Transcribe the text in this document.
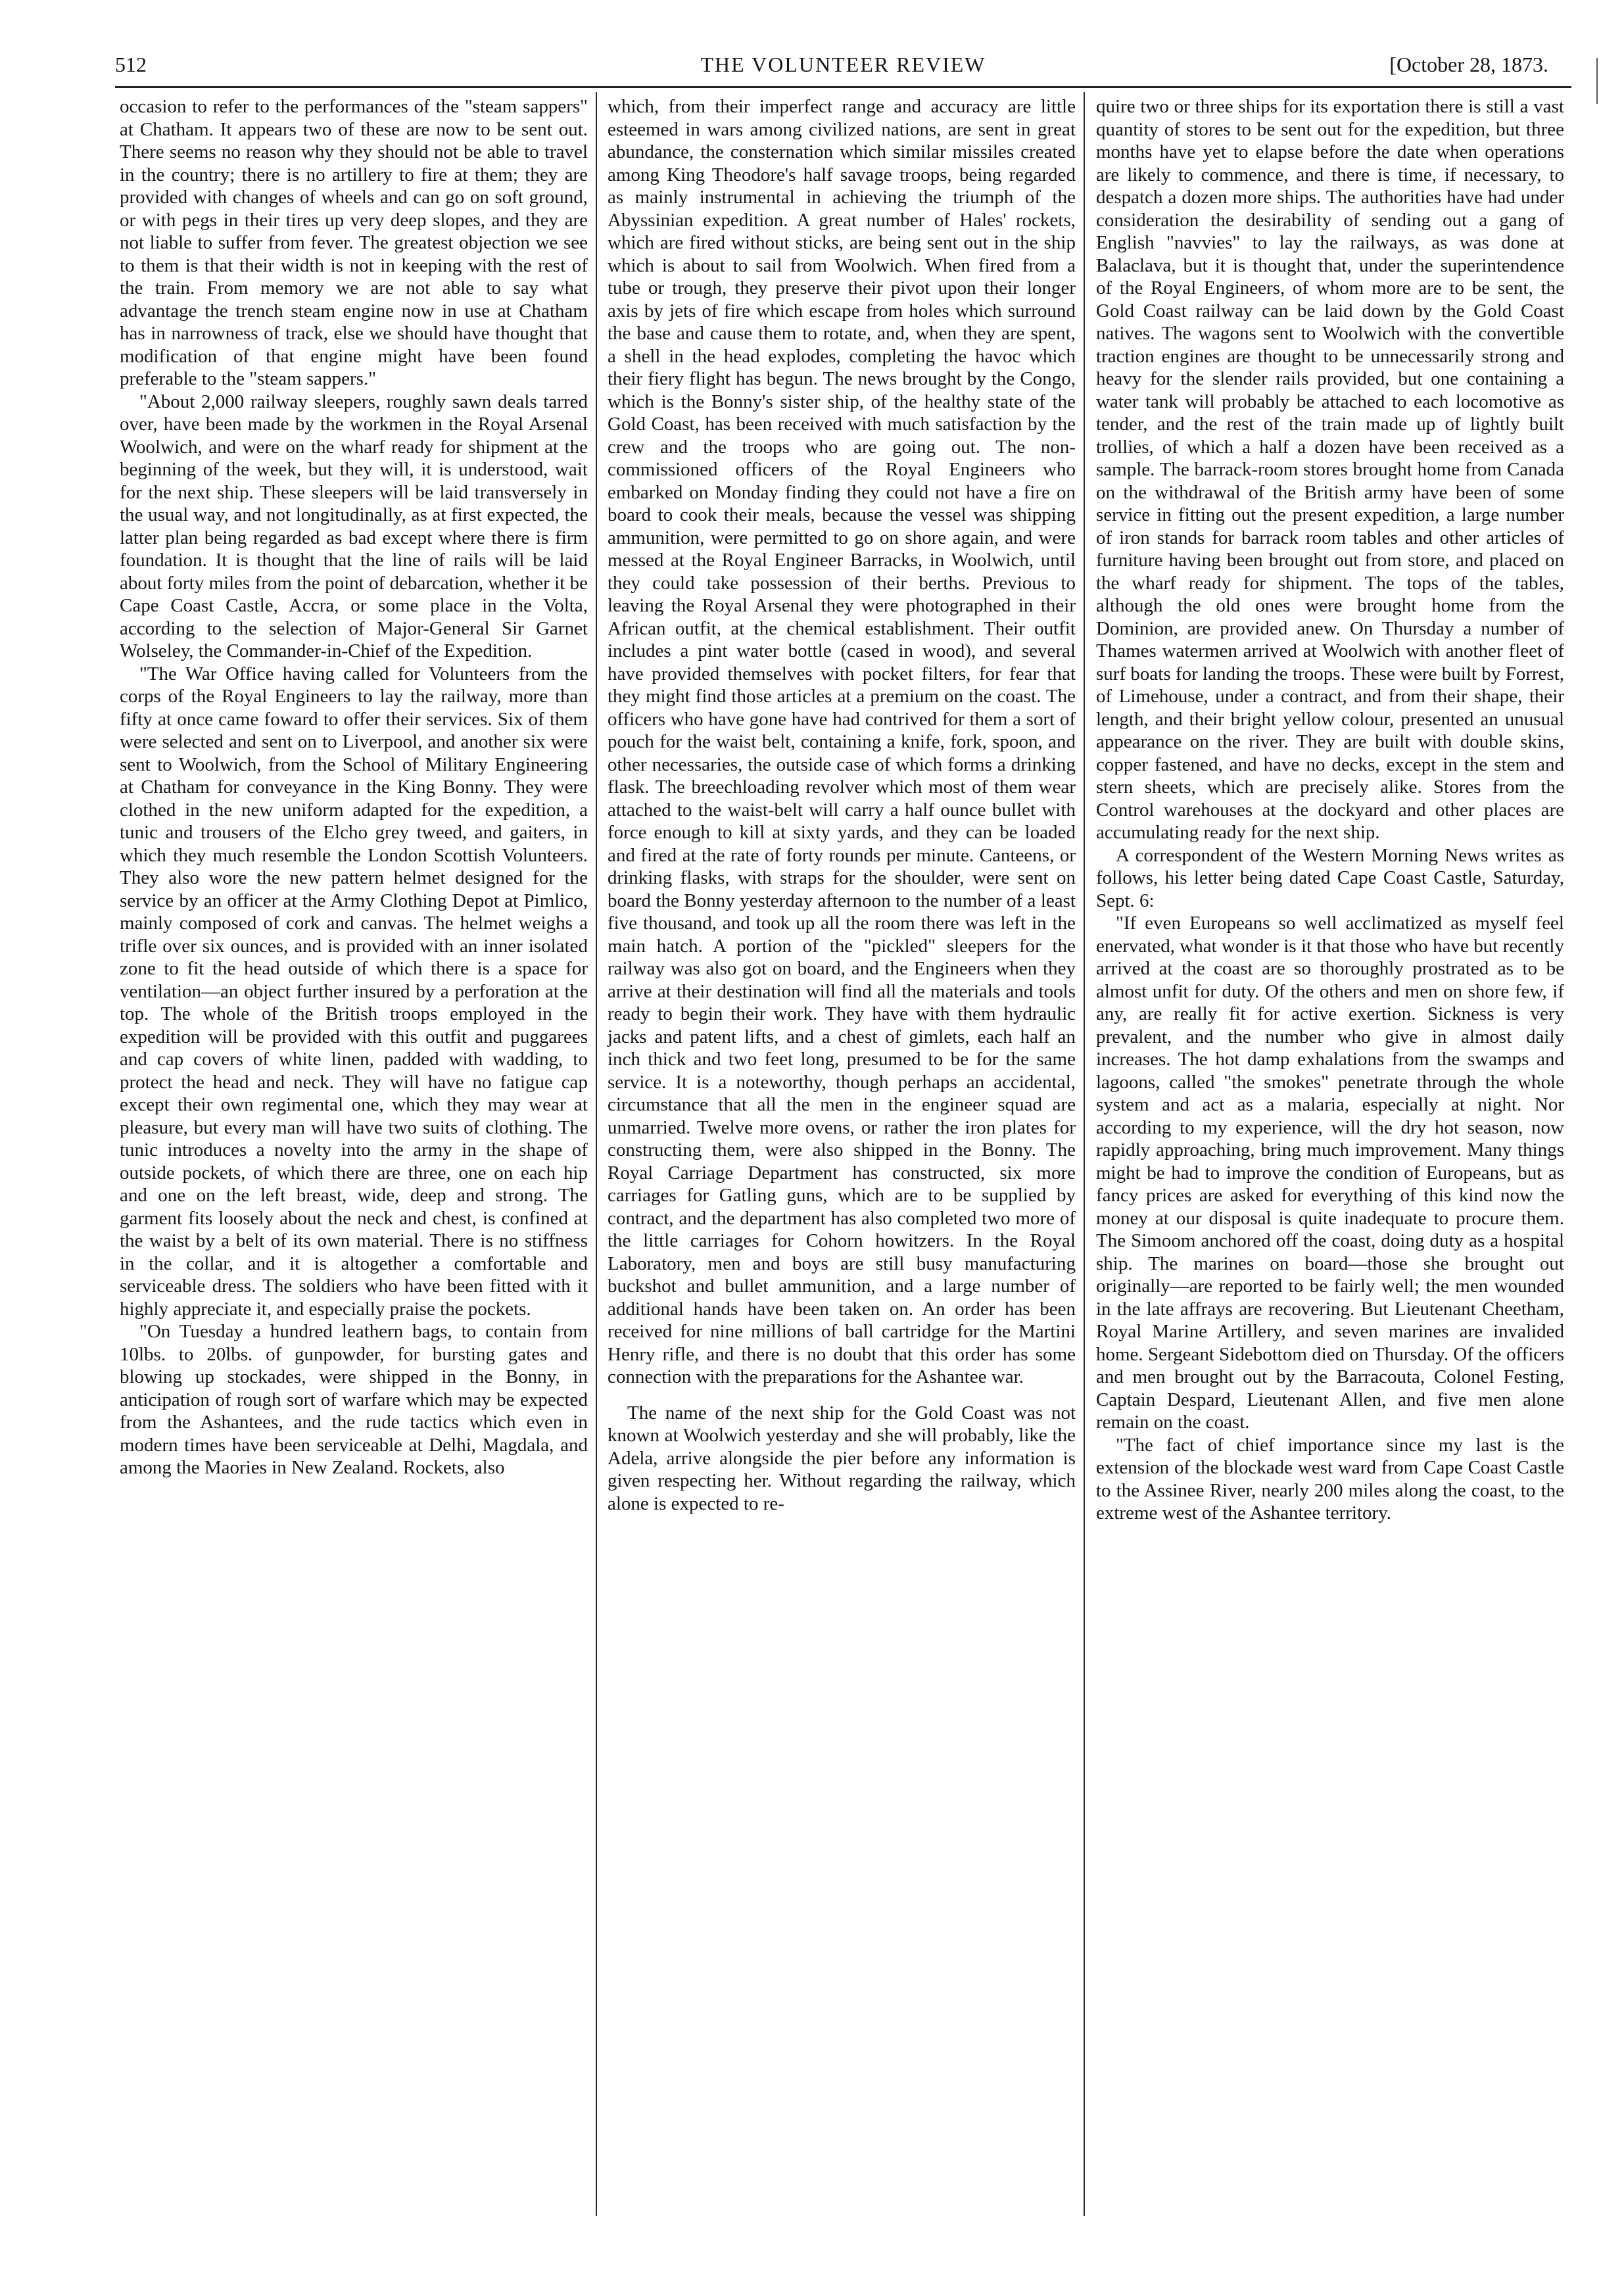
512	THE VOLUNTEER REVIEW	[October 28, 1873.

occasion to refer to the performances of the "steam sappers" at Chatham. It appears two of these are now to be sent out. There seems no reason why they should not be able to travel in the country; there is no artillery to fire at them; they are provided with changes of wheels and can go on soft ground, or with pegs in their tires up very deep slopes, and they are not liable to suffer from fever. The greatest objection we see to them is that their width is not in keeping with the rest of the train. From memory we are not able to say what advantage the trench steam engine now in use at Chatham has in narrowness of track, else we should have thought that modification of that engine might have been found preferable to the "steam sappers."

"About 2,000 railway sleepers, roughly sawn deals tarred over, have been made by the workmen in the Royal Arsenal Woolwich, and were on the wharf ready for shipment at the beginning of the week, but they will, it is understood, wait for the next ship. These sleepers will be laid transversely in the usual way, and not longitudinally, as at first expected, the latter plan being regarded as bad except where there is firm foundation. It is thought that the line of rails will be laid about forty miles from the point of debarcation, whether it be Cape Coast Castle, Accra, or some place in the Volta, according to the selection of Major-General Sir Garnet Wolseley, the Commander-in-Chief of the Expedition.

"The War Office having called for Volunteers from the corps of the Royal Engineers to lay the railway, more than fifty at once came foward to offer their services. Six of them were selected and sent on to Liverpool, and another six were sent to Woolwich, from the School of Military Engineering at Chatham for conveyance in the King Bonny. They were clothed in the new uniform adapted for the expedition, a tunic and trousers of the Elcho grey tweed, and gaiters, in which they much resemble the London Scottish Volunteers. They also wore the new pattern helmet designed for the service by an officer at the Army Clothing Depot at Pimlico, mainly composed of cork and canvas. The helmet weighs a trifle over six ounces, and is provided with an inner isolated zone to fit the head outside of which there is a space for ventilation—an object further insured by a perforation at the top. The whole of the British troops employed in the expedition will be provided with this outfit and puggarees and cap covers of white linen, padded with wadding, to protect the head and neck. They will have no fatigue cap except their own regimental one, which they may wear at pleasure, but every man will have two suits of clothing. The tunic introduces a novelty into the army in the shape of outside pockets, of which there are three, one on each hip and one on the left breast, wide, deep and strong. The garment fits loosely about the neck and chest, is confined at the waist by a belt of its own material. There is no stiffness in the collar, and it is altogether a comfortable and serviceable dress. The soldiers who have been fitted with it highly appreciate it, and especially praise the pockets.

"On Tuesday a hundred leathern bags, to contain from 10lbs. to 20lbs. of gunpowder, for bursting gates and blowing up stockades, were shipped in the Bonny, in anticipation of rough sort of warfare which may be expected from the Ashantees, and the rude tactics which even in modern times have been serviceable at Delhi, Magdala, and among the Maories in New Zealand. Rockets, also

which, from their imperfect range and accuracy are little esteemed in wars among civilized nations, are sent in great abundance, the consternation which similar missiles created among King Theodore's half savage troops, being regarded as mainly instrumental in achieving the triumph of the Abyssinian expedition. A great number of Hales' rockets, which are fired without sticks, are being sent out in the ship which is about to sail from Woolwich. When fired from a tube or trough, they preserve their pivot upon their longer axis by jets of fire which escape from holes which surround the base and cause them to rotate, and, when they are spent, a shell in the head explodes, completing the havoc which their fiery flight has begun. The news brought by the Congo, which is the Bonny's sister ship, of the healthy state of the Gold Coast, has been received with much satisfaction by the crew and the troops who are going out. The non-commissioned officers of the Royal Engineers who embarked on Monday finding they could not have a fire on board to cook their meals, because the vessel was shipping ammunition, were permitted to go on shore again, and were messed at the Royal Engineer Barracks, in Woolwich, until they could take possession of their berths. Previous to leaving the Royal Arsenal they were photographed in their African outfit, at the chemical establishment. Their outfit includes a pint water bottle (cased in wood), and several have provided themselves with pocket filters, for fear that they might find those articles at a premium on the coast. The officers who have gone have had contrived for them a sort of pouch for the waist belt, containing a knife, fork, spoon, and other necessaries, the outside case of which forms a drinking flask. The breechloading revolver which most of them wear attached to the waist-belt will carry a half ounce bullet with force enough to kill at sixty yards, and they can be loaded and fired at the rate of forty rounds per minute. Canteens, or drinking flasks, with straps for the shoulder, were sent on board the Bonny yesterday afternoon to the number of a least five thousand, and took up all the room there was left in the main hatch. A portion of the "pickled" sleepers for the railway was also got on board, and the Engineers when they arrive at their destination will find all the materials and tools ready to begin their work. They have with them hydraulic jacks and patent lifts, and a chest of gimlets, each half an inch thick and two feet long, presumed to be for the same service. It is a noteworthy, though perhaps an accidental, circumstance that all the men in the engineer squad are unmarried. Twelve more ovens, or rather the iron plates for constructing them, were also shipped in the Bonny. The Royal Carriage Department has constructed, six more carriages for Gatling guns, which are to be supplied by contract, and the department has also completed two more of the little carriages for Cohorn howitzers. In the Royal Laboratory, men and boys are still busy manufacturing buckshot and bullet ammunition, and a large number of additional hands have been taken on. An order has been received for nine millions of ball cartridge for the Martini Henry rifle, and there is no doubt that this order has some connection with the preparations for the Ashantee war.

The name of the next ship for the Gold Coast was not known at Woolwich yesterday and she will probably, like the Adela, arrive alongside the pier before any information is given respecting her. Without regarding the railway, which alone is expected to re-

quire two or three ships for its exportation there is still a vast quantity of stores to be sent out for the expedition, but three months have yet to elapse before the date when operations are likely to commence, and there is time, if necessary, to despatch a dozen more ships. The authorities have had under consideration the desirability of sending out a gang of English "navvies" to lay the railways, as was done at Balaclava, but it is thought that, under the superintendence of the Royal Engineers, of whom more are to be sent, the Gold Coast railway can be laid down by the Gold Coast natives. The wagons sent to Woolwich with the convertible traction engines are thought to be unnecessarily strong and heavy for the slender rails provided, but one containing a water tank will probably be attached to each locomotive as tender, and the rest of the train made up of lightly built trollies, of which a half a dozen have been received as a sample. The barrack-room stores brought home from Canada on the withdrawal of the British army have been of some service in fitting out the present expedition, a large number of iron stands for barrack room tables and other articles of furniture having been brought out from store, and placed on the wharf ready for shipment. The tops of the tables, although the old ones were brought home from the Dominion, are provided anew. On Thursday a number of Thames watermen arrived at Woolwich with another fleet of surf boats for landing the troops. These were built by Forrest, of Limehouse, under a contract, and from their shape, their length, and their bright yellow colour, presented an unusual appearance on the river. They are built with double skins, copper fastened, and have no decks, except in the stem and stern sheets, which are precisely alike. Stores from the Control warehouses at the dockyard and other places are accumulating ready for the next ship.

A correspondent of the Western Morning News writes as follows, his letter being dated Cape Coast Castle, Saturday, Sept. 6:

"If even Europeans so well acclimatized as myself feel enervated, what wonder is it that those who have but recently arrived at the coast are so thoroughly prostrated as to be almost unfit for duty. Of the others and men on shore few, if any, are really fit for active exertion. Sickness is very prevalent, and the number who give in almost daily increases. The hot damp exhalations from the swamps and lagoons, called "the smokes" penetrate through the whole system and act as a malaria, especially at night. Nor according to my experience, will the dry hot season, now rapidly approaching, bring much improvement. Many things might be had to improve the condition of Europeans, but as fancy prices are asked for everything of this kind now the money at our disposal is quite inadequate to procure them. The Simoom anchored off the coast, doing duty as a hospital ship. The marines on board—those she brought out originally—are reported to be fairly well; the men wounded in the late affrays are recovering. But Lieutenant Cheetham, Royal Marine Artillery, and seven marines are invalided home. Sergeant Sidebottom died on Thursday. Of the officers and men brought out by the Barracouta, Colonel Festing, Captain Despard, Lieutenant Allen, and five men alone remain on the coast.

"The fact of chief importance since my last is the extension of the blockade west ward from Cape Coast Castle to the Assinee River, nearly 200 miles along the coast, to the extreme west of the Ashantee territory.
